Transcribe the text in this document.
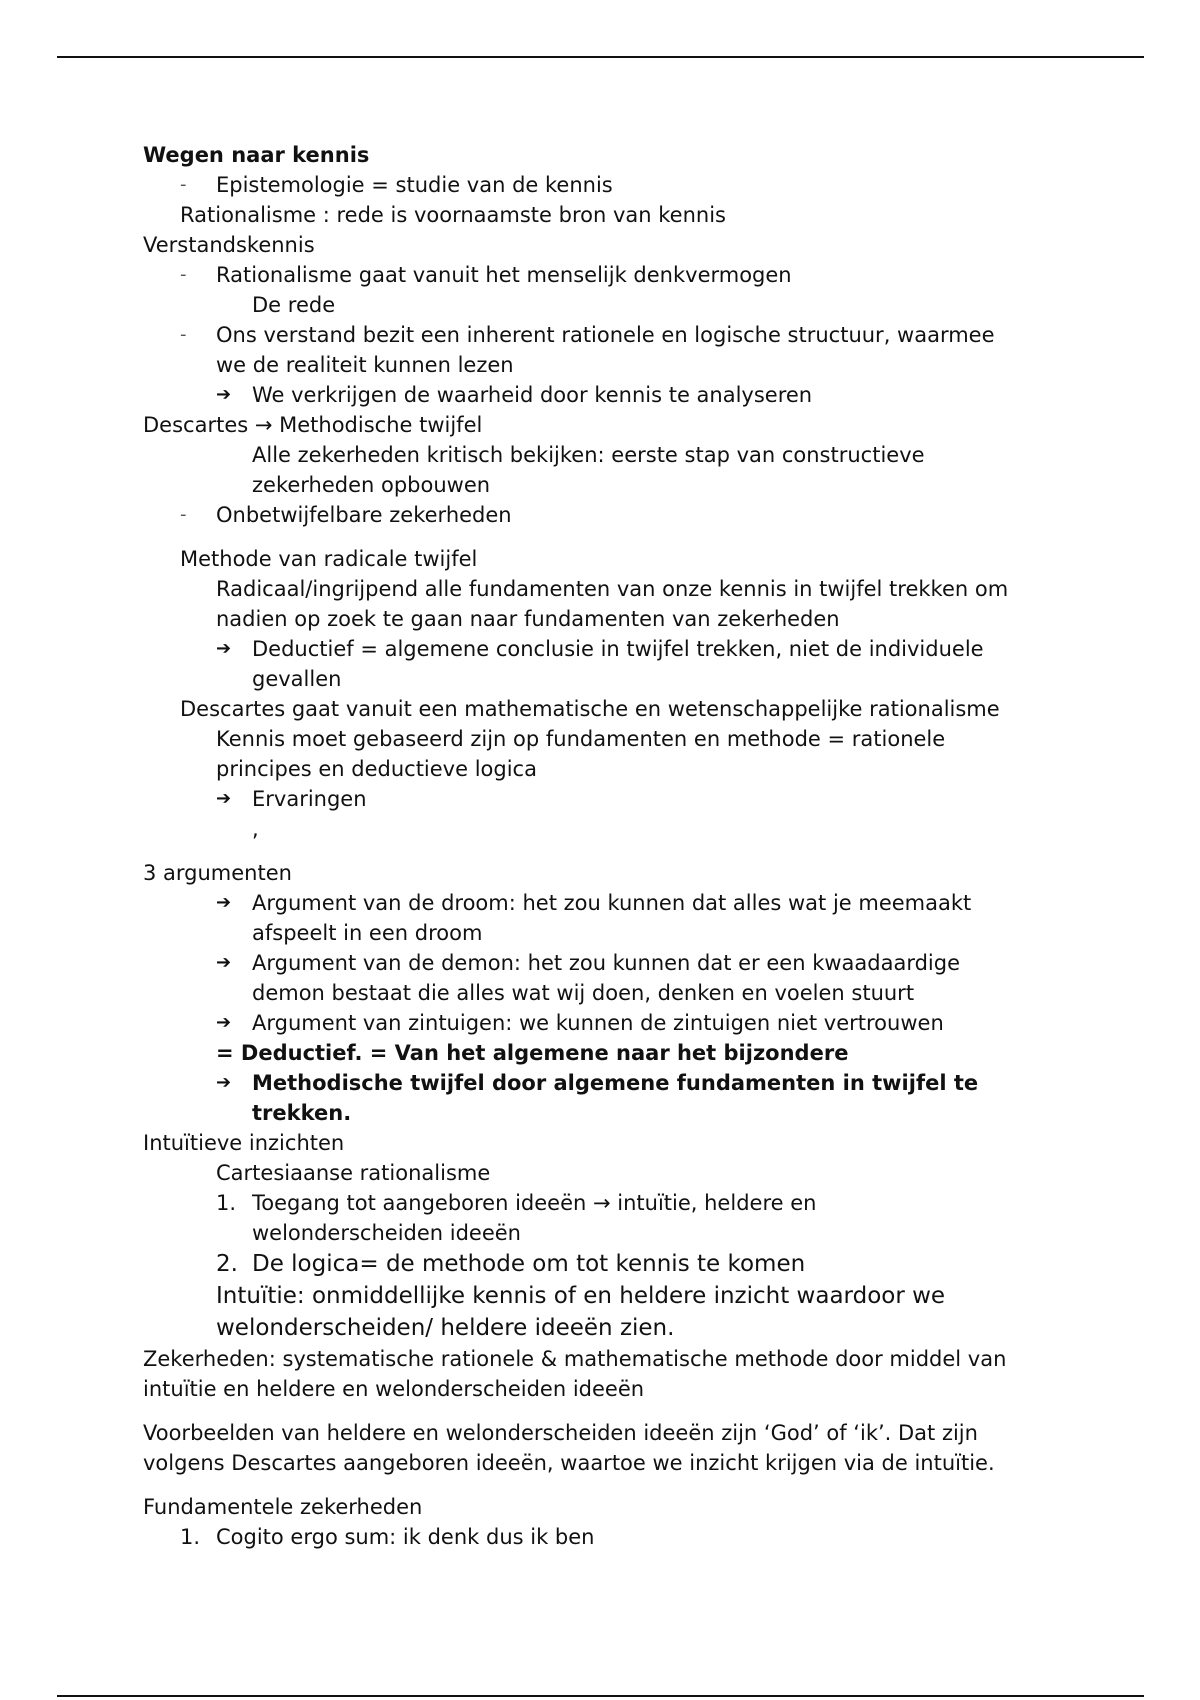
Wegen naar kennis
- Epistemologie = studie van de kennis
Rationalisme : rede is voornaamste bron van kennis
Verstandskennis
- Rationalisme gaat vanuit het menselijk denkvermogen
De rede
- Ons verstand bezit een inherent rationele en logische structuur, waarmee
we de realiteit kunnen lezen
➔ We verkrijgen de waarheid door kennis te analyseren
Descartes → Methodische twijfel
Alle zekerheden kritisch bekijken: eerste stap van constructieve
zekerheden opbouwen
- Onbetwijfelbare zekerheden
Methode van radicale twijfel
Radicaal/ingrijpend alle fundamenten van onze kennis in twijfel trekken om
nadien op zoek te gaan naar fundamenten van zekerheden
➔ Deductief = algemene conclusie in twijfel trekken, niet de individuele
gevallen
Descartes gaat vanuit een mathematische en wetenschappelijke rationalisme
Kennis moet gebaseerd zijn op fundamenten en methode = rationele
principes en deductieve logica
➔ Ervaringen
,
3 argumenten
➔ Argument van de droom: het zou kunnen dat alles wat je meemaakt
afspeelt in een droom
➔ Argument van de demon: het zou kunnen dat er een kwaadaardige
demon bestaat die alles wat wij doen, denken en voelen stuurt
➔ Argument van zintuigen: we kunnen de zintuigen niet vertrouwen
= Deductief. = Van het algemene naar het bijzondere
➔ Methodische twijfel door algemene fundamenten in twijfel te
trekken.
Intuïtieve inzichten
Cartesiaanse rationalisme
1. Toegang tot aangeboren ideeën → intuïtie, heldere en
welonderscheiden ideeën
2. De logica= de methode om tot kennis te komen
Intuïtie: onmiddellijke kennis of en heldere inzicht waardoor we
welonderscheiden/ heldere ideeën zien.
Zekerheden: systematische rationele & mathematische methode door middel van
intuïtie en heldere en welonderscheiden ideeën
Voorbeelden van heldere en welonderscheiden ideeën zijn ‘God’ of ‘ik’. Dat zijn
volgens Descartes aangeboren ideeën, waartoe we inzicht krijgen via de intuïtie.
Fundamentele zekerheden
1. Cogito ergo sum: ik denk dus ik ben
